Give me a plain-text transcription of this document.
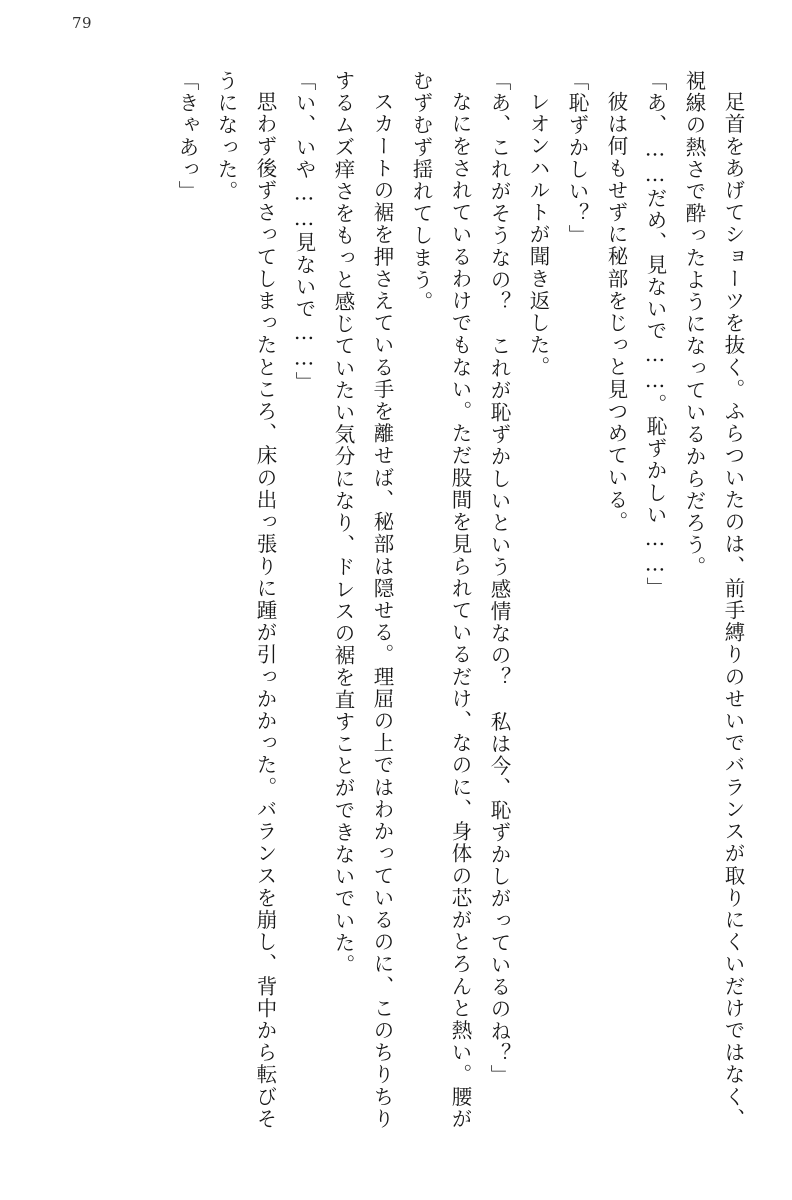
79

足首をあげてショーツを抜く。ふらついたのは、前手縛りのせいでバランスが取りにくいだけではなく、視線の熱さで酔ったようになっているからだろう。

「あ、……だめ、見ないで……。恥ずかしい……」

彼は何もせずに秘部をじっと見つめている。

「恥ずかしい？」

レオンハルトが聞き返した。

「あ、これがそうなの？　これが恥ずかしいという感情なの？　私は今、恥ずかしがっているのね？」

なにをされているわけでもない。ただ股間を見られているだけ、なのに、身体の芯がとろんと熱い。腰がむずむず揺れてしまう。

スカートの裾を押さえている手を離せば、秘部は隠せる。理屈の上ではわかっているのに、このちりちりするムズ痒さをもっと感じていたい気分になり、ドレスの裾を直すことができないでいた。

「い、いや……見ないで……」

思わず後ずさってしまったところ、床の出っ張りに踵が引っかかった。バランスを崩し、背中から転びそうになった。

「きゃあっ」
